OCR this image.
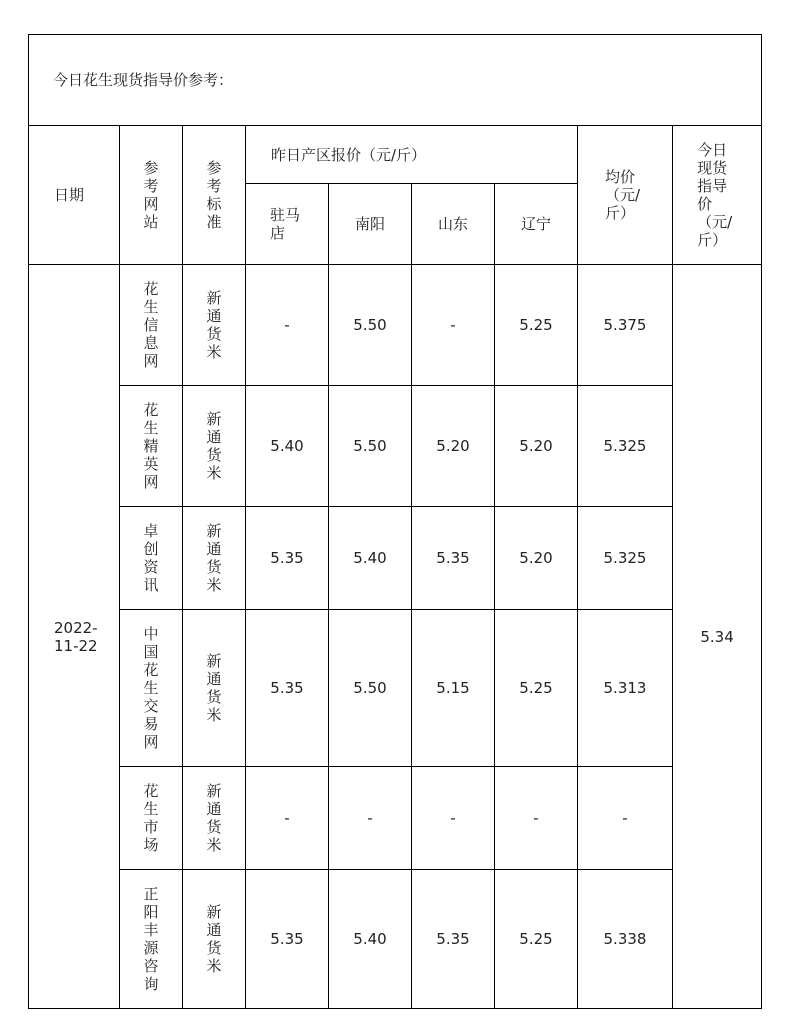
今日花生现货指导价参考：								
日期	参考网站	参考标准	昨日产区报价（元/斤）				均价（元/斤）	今日现货指导价（元/斤）
			驻马店	南阳	山东	辽宁		
2022-11-22	花生信息网	新通货米	-	5.50	-	5.25	5.375	5.34
	花生精英网	新通货米	5.40	5.50	5.20	5.20	5.325	
	卓创资讯	新通货米	5.35	5.40	5.35	5.20	5.325	
	中国花生交易网	新通货米	5.35	5.50	5.15	5.25	5.313	
	花生市场	新通货米	-	-	-	-	-	
	正阳丰源咨询	新通货米	5.35	5.40	5.35	5.25	5.338	
